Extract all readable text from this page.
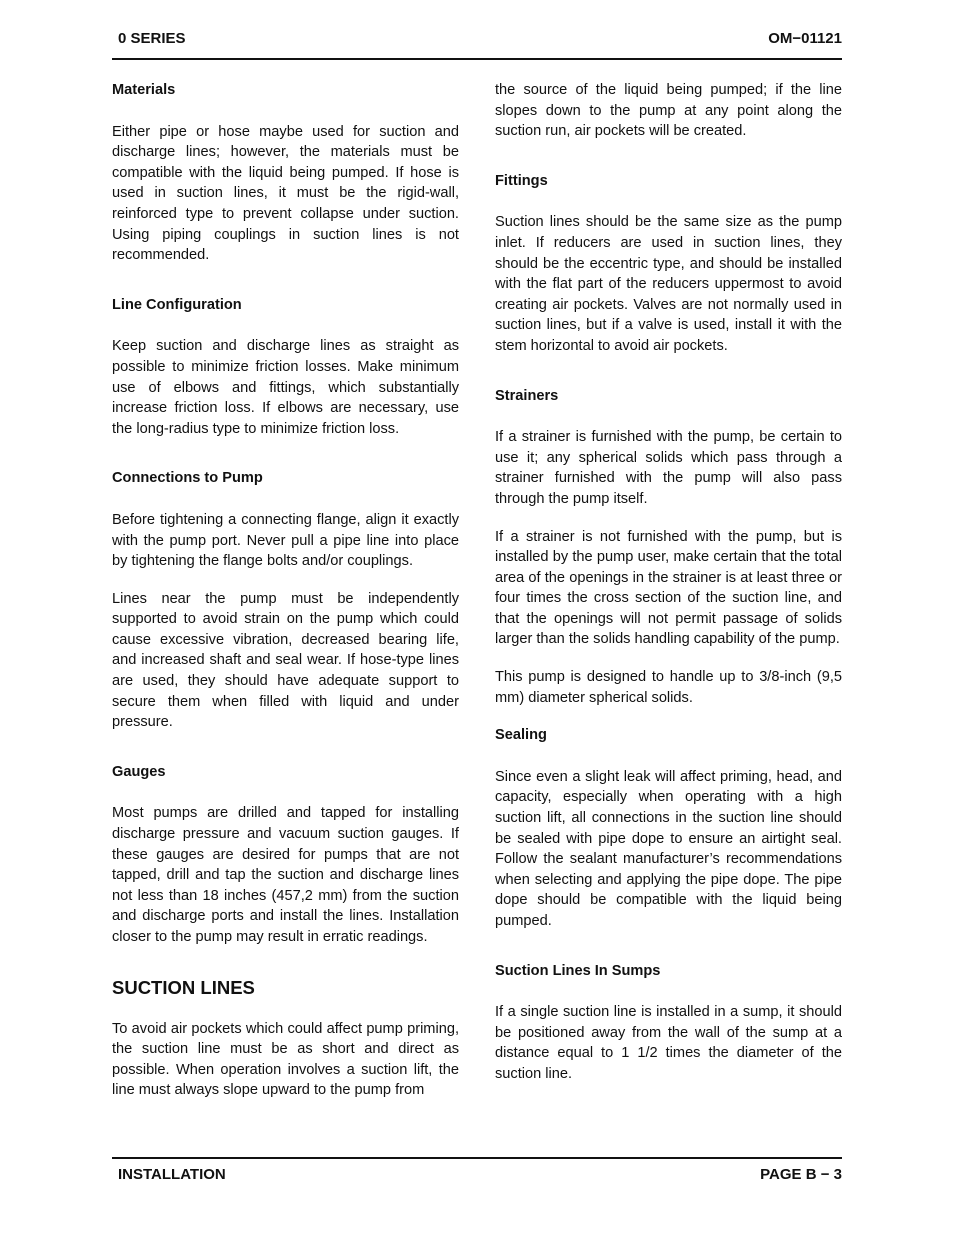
0 SERIES	OM−01121
Materials

Either pipe or hose maybe used for suction and discharge lines; however, the materials must be compatible with the liquid being pumped. If hose is used in suction lines, it must be the rigid-wall, reinforced type to prevent collapse under suction. Using piping couplings in suction lines is not recommended.

Line Configuration

Keep suction and discharge lines as straight as possible to minimize friction losses. Make minimum use of elbows and fittings, which substantially increase friction loss. If elbows are necessary, use the long-radius type to minimize friction loss.

Connections to Pump

Before tightening a connecting flange, align it exactly with the pump port. Never pull a pipe line into place by tightening the flange bolts and/or couplings.

Lines near the pump must be independently supported to avoid strain on the pump which could cause excessive vibration, decreased bearing life, and increased shaft and seal wear. If hose-type lines are used, they should have adequate support to secure them when filled with liquid and under pressure.

Gauges

Most pumps are drilled and tapped for installing discharge pressure and vacuum suction gauges. If these gauges are desired for pumps that are not tapped, drill and tap the suction and discharge lines not less than 18 inches (457,2 mm) from the suction and discharge ports and install the lines. Installation closer to the pump may result in erratic readings.

SUCTION LINES

To avoid air pockets which could affect pump priming, the suction line must be as short and direct as possible. When operation involves a suction lift, the line must always slope upward to the pump from

the source of the liquid being pumped; if the line slopes down to the pump at any point along the suction run, air pockets will be created.

Fittings

Suction lines should be the same size as the pump inlet. If reducers are used in suction lines, they should be the eccentric type, and should be installed with the flat part of the reducers uppermost to avoid creating air pockets. Valves are not normally used in suction lines, but if a valve is used, install it with the stem horizontal to avoid air pockets.

Strainers

If a strainer is furnished with the pump, be certain to use it; any spherical solids which pass through a strainer furnished with the pump will also pass through the pump itself.

If a strainer is not furnished with the pump, but is installed by the pump user, make certain that the total area of the openings in the strainer is at least three or four times the cross section of the suction line, and that the openings will not permit passage of solids larger than the solids handling capability of the pump.

This pump is designed to handle up to 3/8-inch (9,5 mm) diameter spherical solids.

Sealing

Since even a slight leak will affect priming, head, and capacity, especially when operating with a high suction lift, all connections in the suction line should be sealed with pipe dope to ensure an airtight seal. Follow the sealant manufacturer’s recommendations when selecting and applying the pipe dope. The pipe dope should be compatible with the liquid being pumped.

Suction Lines In Sumps

If a single suction line is installed in a sump, it should be positioned away from the wall of the sump at a distance equal to 1 1/2 times the diameter of the suction line.

INSTALLATION	PAGE B − 3
